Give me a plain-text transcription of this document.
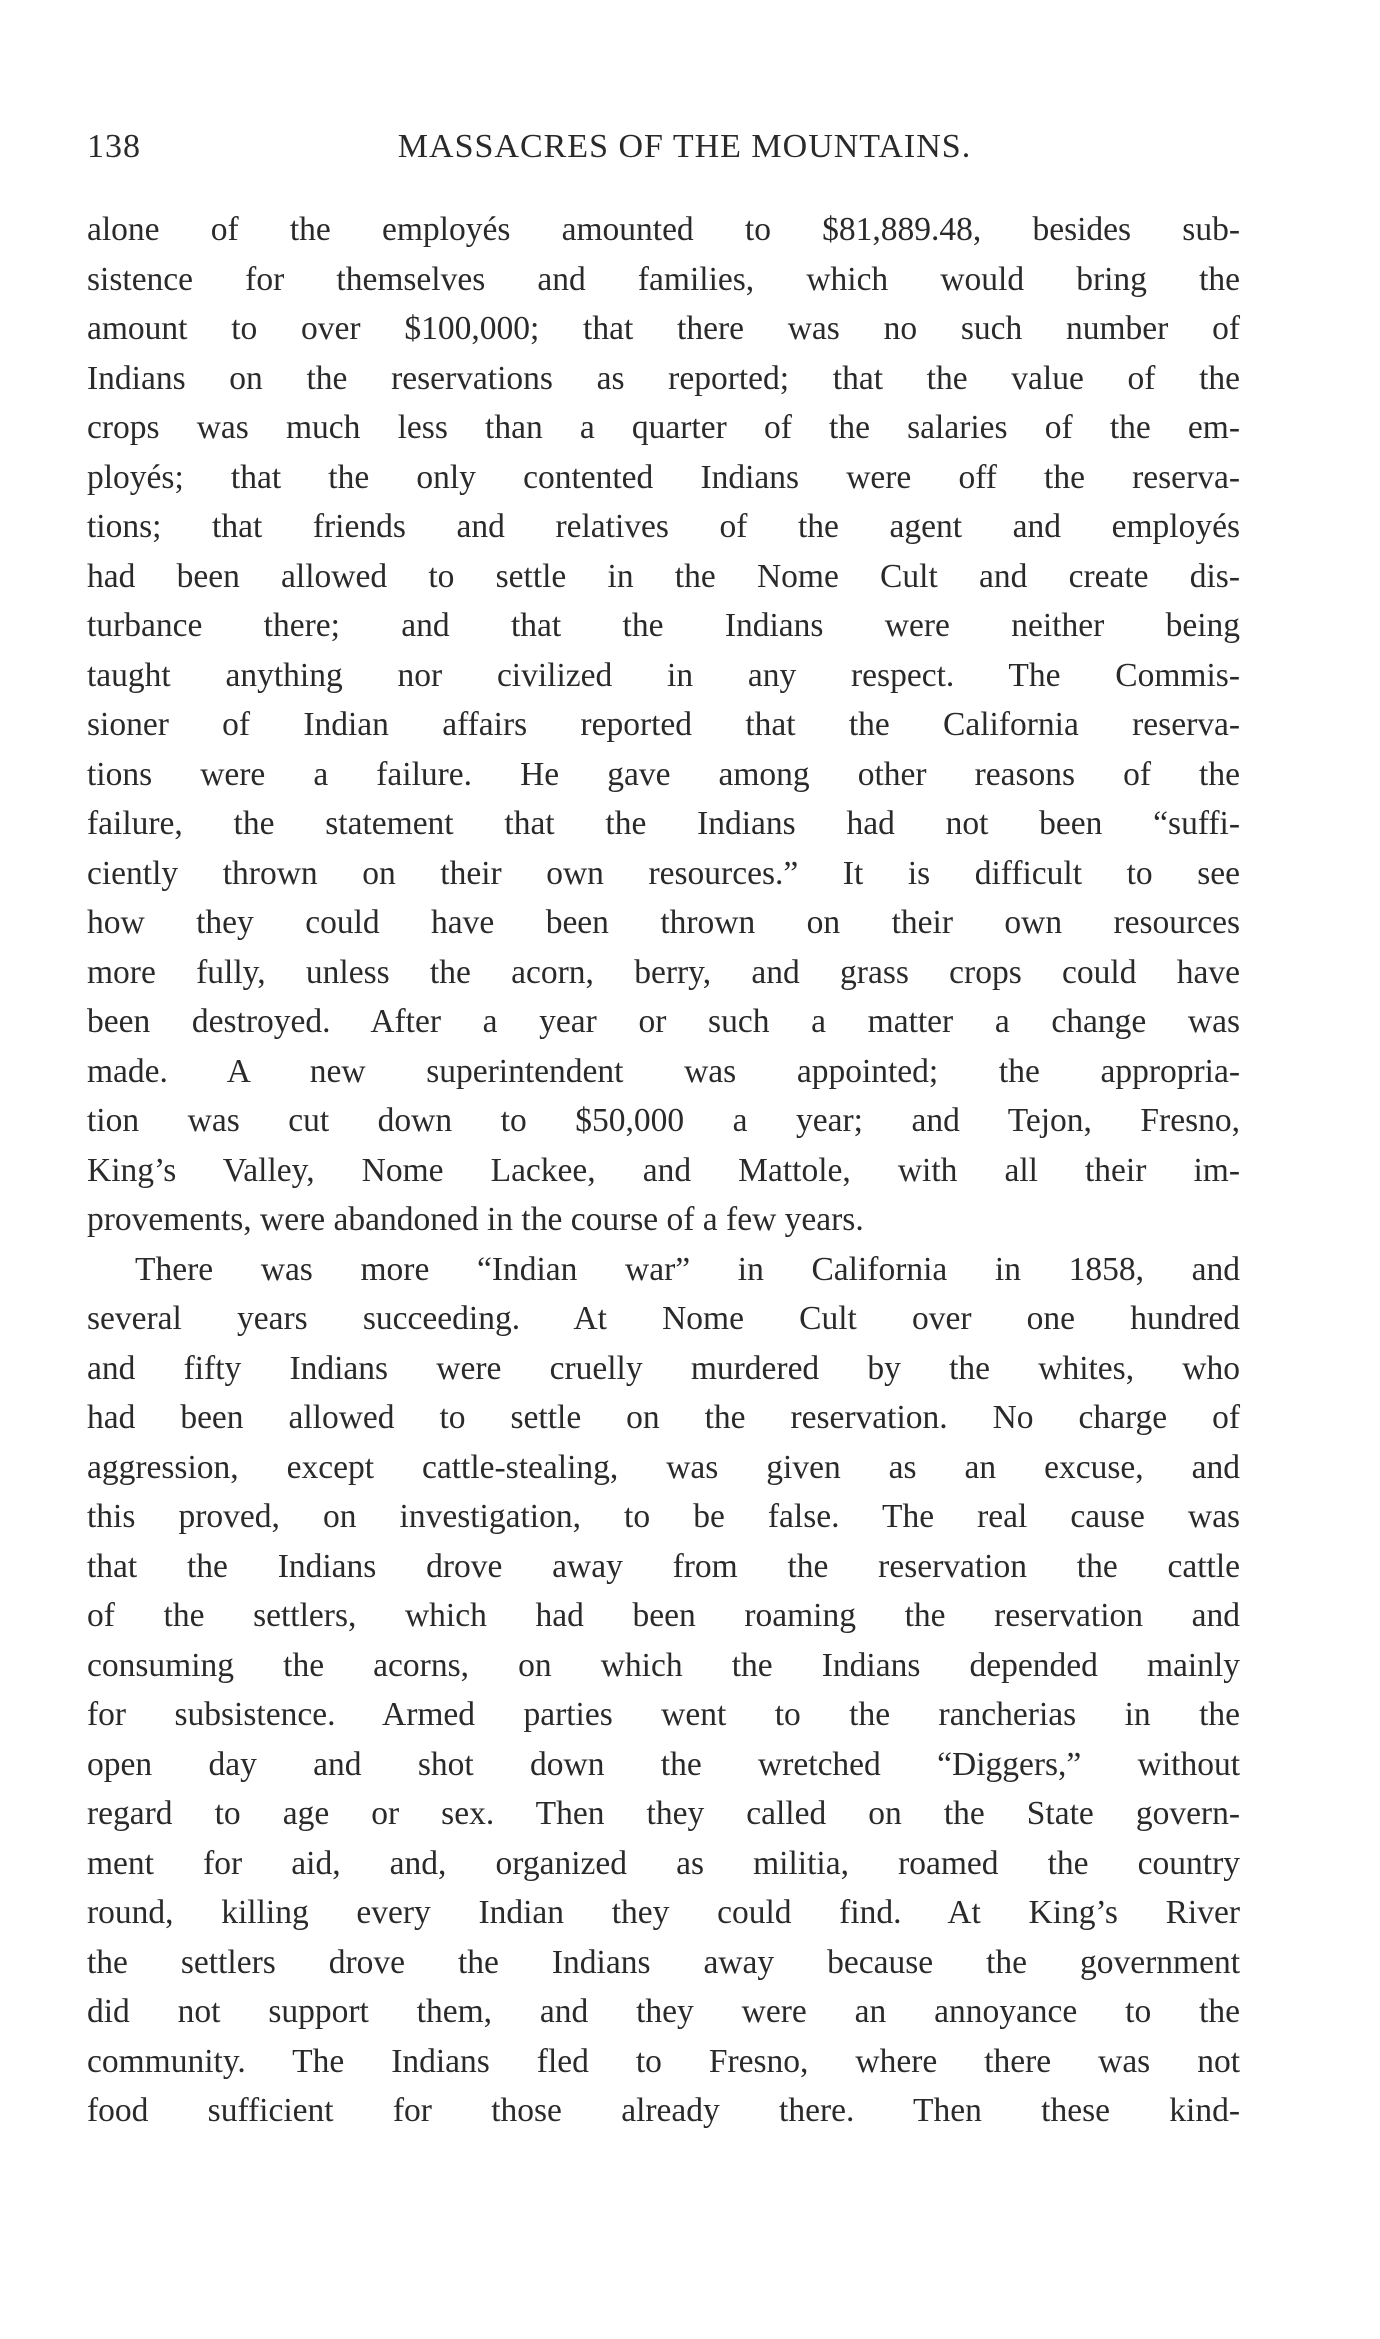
138	MASSACRES OF THE MOUNTAINS.
alone of the employés amounted to $81,889.48, besides sub-
sistence for themselves and families, which would bring the
amount to over $100,000; that there was no such number of
Indians on the reservations as reported; that the value of the
crops was much less than a quarter of the salaries of the em-
ployés; that the only contented Indians were off the reserva-
tions; that friends and relatives of the agent and employés
had been allowed to settle in the Nome Cult and create dis-
turbance there; and that the Indians were neither being
taught anything nor civilized in any respect. The Commis-
sioner of Indian affairs reported that the California reserva-
tions were a failure. He gave among other reasons of the
failure, the statement that the Indians had not been “suffi-
ciently thrown on their own resources.” It is difficult to see
how they could have been thrown on their own resources
more fully, unless the acorn, berry, and grass crops could have
been destroyed. After a year or such a matter a change was
made. A new superintendent was appointed; the appropria-
tion was cut down to $50,000 a year; and Tejon, Fresno,
King’s Valley, Nome Lackee, and Mattole, with all their im-
provements, were abandoned in the course of a few years.
There was more “Indian war” in California in 1858, and
several years succeeding. At Nome Cult over one hundred
and fifty Indians were cruelly murdered by the whites, who
had been allowed to settle on the reservation. No charge of
aggression, except cattle-stealing, was given as an excuse, and
this proved, on investigation, to be false. The real cause was
that the Indians drove away from the reservation the cattle
of the settlers, which had been roaming the reservation and
consuming the acorns, on which the Indians depended mainly
for subsistence. Armed parties went to the rancherias in the
open day and shot down the wretched “Diggers,” without
regard to age or sex. Then they called on the State govern-
ment for aid, and, organized as militia, roamed the country
round, killing every Indian they could find. At King’s River
the settlers drove the Indians away because the government
did not support them, and they were an annoyance to the
community. The Indians fled to Fresno, where there was not
food sufficient for those already there. Then these kind-
